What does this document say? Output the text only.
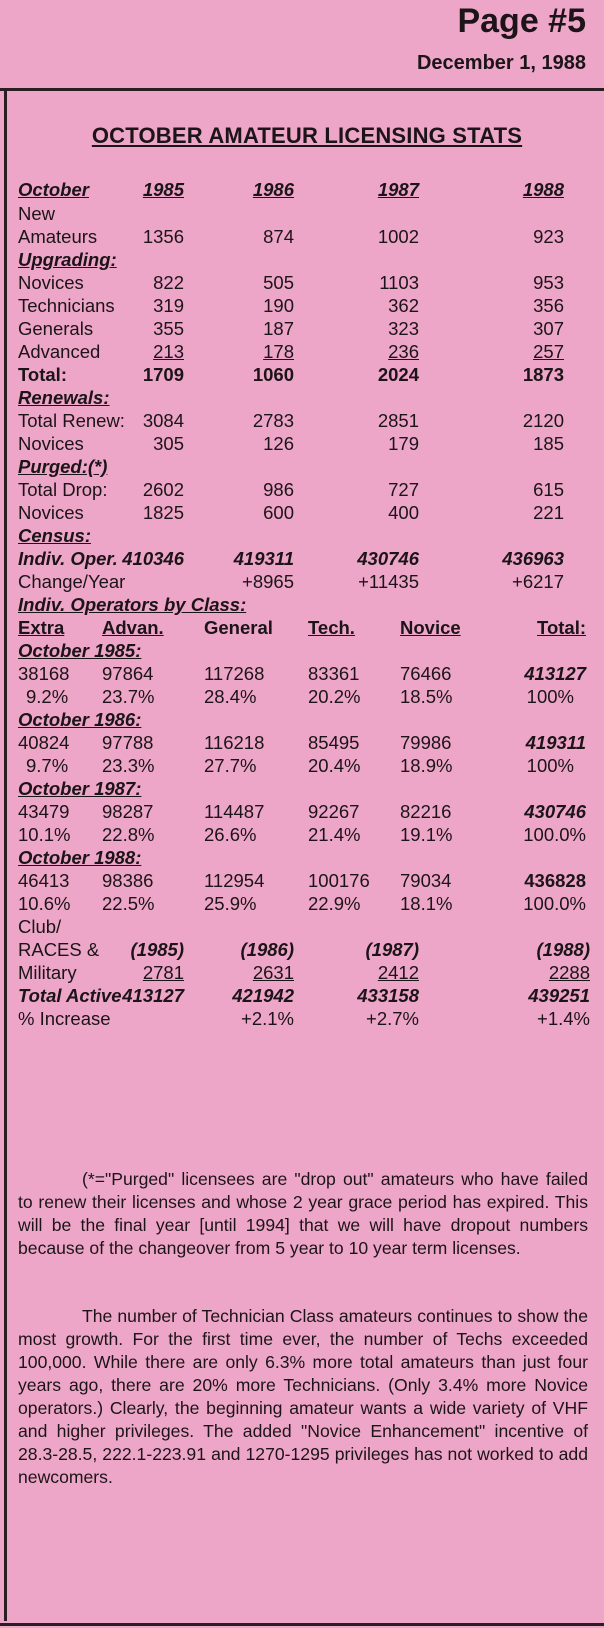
Page #5
December 1, 1988
OCTOBER AMATEUR LICENSING STATS
October	1985	1986	1987	1988
New
Amateurs 1356	874	1002	923
Upgrading:
Novices	822	505	1103	953
Technicians 319	190	362	356
Generals	355	187	323	307
Advanced	213	178	236	257
Total:	1709	1060	2024	1873
Renewals:
Total Renew: 3084	2783	2851	2120
Novices	305	126	179	185
Purged:(*)
Total Drop: 2602	986	727	615
Novices	1825	600	400	221
Census:
Indiv. Oper. 410346	419311	430746	436963
Change/Year	+8965	+11435	+6217
Indiv. Operators by Class:
Extra Advan. General Tech. Novice	Total:
October 1985:
38168 97864	117268 83361 76466	413127
9.2% 23.7%	28.4%	20.2% 18.5%	100%
October 1986:
40824 97788	116218 85495 79986	419311
9.7% 23.3%	27.7%	20.4% 18.9%	100%
October 1987:
43479 98287	114487 92267 82216	430746
10.1% 22.8%	26.6%	21.4% 19.1%	100.0%
October 1988:
46413 98386	112954 100176 79034	436828
10.6% 22.5%	25.9%	22.9% 18.1%	100.0%
Club/
RACES & (1985)	(1986)	(1987)	(1988)
Military	2781	2631	2412	2288
Total Active 413127	421942	433158	439251
% Increase	+2.1%	+2.7%	+1.4%

(*="Purged" licensees are "drop out" amateurs who have failed to renew their licenses and whose 2 year grace period has expired. This will be the final year [until 1994] that we will have dropout numbers because of the changeover from 5 year to 10 year term licenses.

The number of Technician Class amateurs continues to show the most growth. For the first time ever, the number of Techs exceeded 100,000. While there are only 6.3% more total amateurs than just four years ago, there are 20% more Technicians. (Only 3.4% more Novice operators.) Clearly, the beginning amateur wants a wide variety of VHF and higher privileges. The added "Novice Enhancement" incentive of 28.3-28.5, 222.1-223.91 and 1270-1295 privileges has not worked to add newcomers.
